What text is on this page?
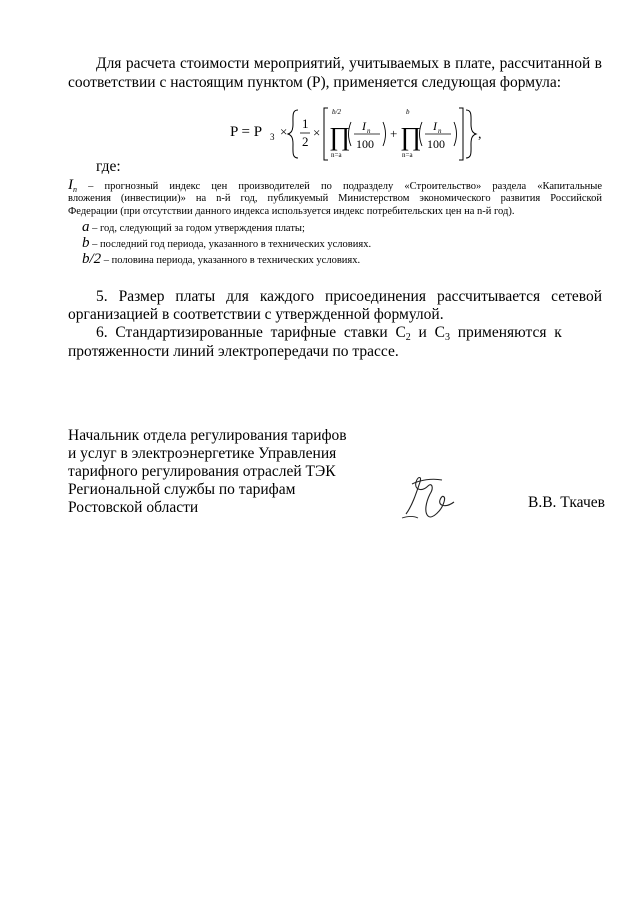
Для расчета стоимости мероприятий, учитываемых в плате, рассчитанной в

соответствии с настоящим пунктом (Р), применяется следующая формула:

P = P 3 ×
1
2
×
b/2
∏
n=a
I n
100
+
b
∏
n=a
I n
100
,

где:

$I_n$ – прогнозный индекс цен производителей по подразделу «Строительство» раздела «Капитальные

вложения (инвестиции)» на n-й год, публикуемый Министерством экономического развития Российской

Федерации (при отсутствии данного индекса используется индекс потребительских цен на n-й год).

a – год, следующий за годом утверждения платы;

b – последний год периода, указанного в технических условиях.

b/2 – половина периода, указанного в технических условиях.

5. Размер платы для каждого присоединения рассчитывается сетевой

организацией в соответствии с утвержденной формулой.

6.  Стандартизированные  тарифные  ставки  $С_2$  и  $С_3$  применяются  к

протяженности линий электропередачи по трассе.

Начальник отдела регулирования тарифов
и услуг в электроэнергетике Управления
тарифного регулирования отраслей ТЭК
Региональной службы по тарифам
Ростовской области	В.В. Ткачев
